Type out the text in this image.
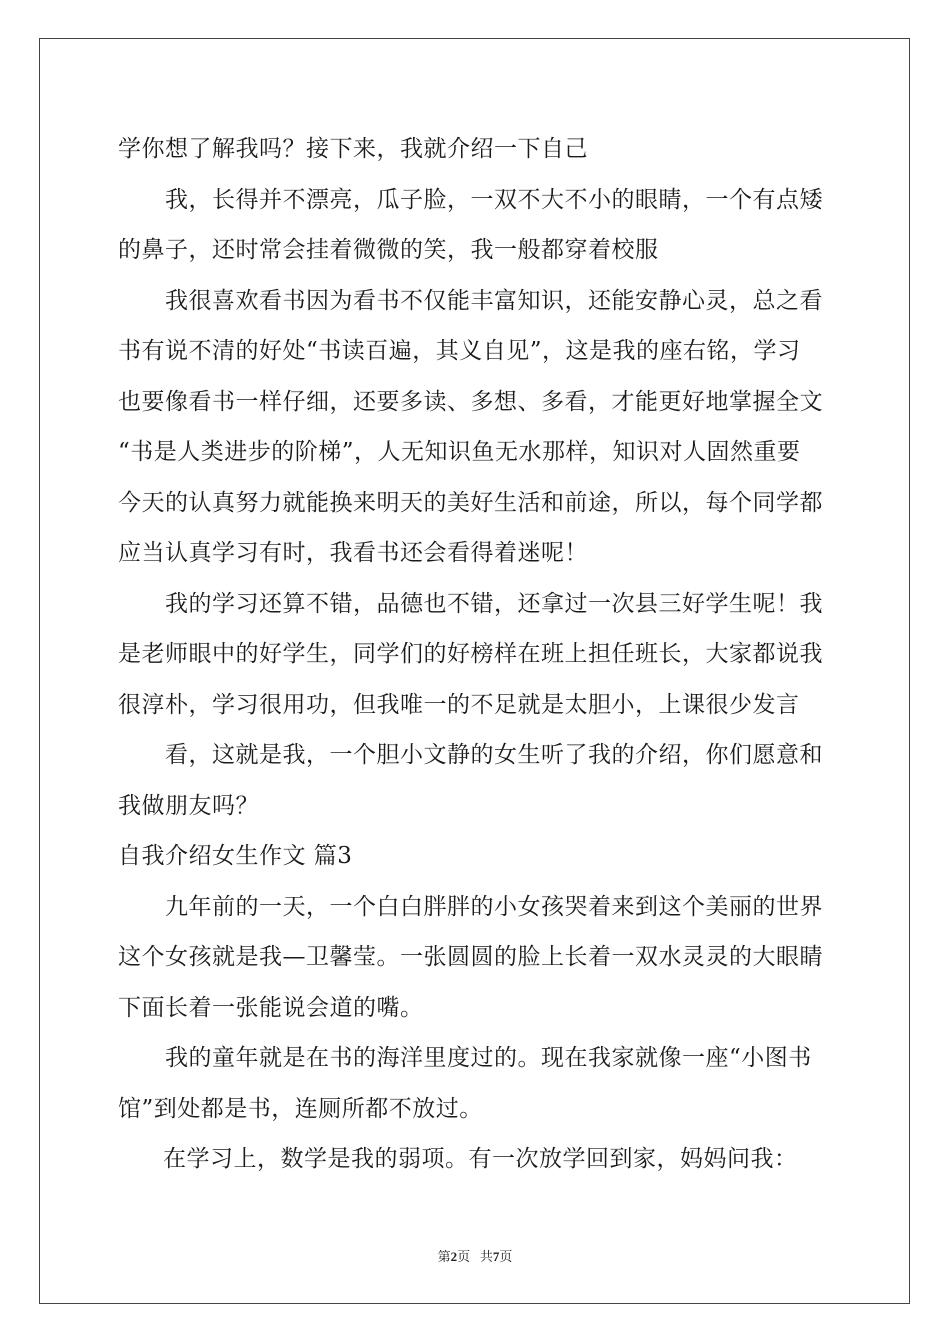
学你想了解我吗？接下来，我就介绍一下自己
我，长得并不漂亮，瓜子脸，一双不大不小的眼睛，一个有点矮
的鼻子，还时常会挂着微微的笑，我一般都穿着校服
我很喜欢看书因为看书不仅能丰富知识，还能安静心灵，总之看
书有说不清的好处“书读百遍，其义自见”，这是我的座右铭，学习
也要像看书一样仔细，还要多读、多想、多看，才能更好地掌握全文
“书是人类进步的阶梯”，人无知识鱼无水那样，知识对人固然重要
今天的认真努力就能换来明天的美好生活和前途，所以，每个同学都
应当认真学习有时，我看书还会看得着迷呢！
我的学习还算不错，品德也不错，还拿过一次县三好学生呢！我
是老师眼中的好学生，同学们的好榜样在班上担任班长，大家都说我
很淳朴，学习很用功，但我唯一的不足就是太胆小，上课很少发言
看，这就是我，一个胆小文静的女生听了我的介绍，你们愿意和
我做朋友吗？
自我介绍女生作文 篇3
九年前的一天，一个白白胖胖的小女孩哭着来到这个美丽的世界
这个女孩就是我—卫馨莹。一张圆圆的脸上长着一双水灵灵的大眼睛
下面长着一张能说会道的嘴。
我的童年就是在书的海洋里度过的。现在我家就像一座“小图书
馆”到处都是书，连厕所都不放过。
在学习上，数学是我的弱项。有一次放学回到家，妈妈问我：
第2页 共7页
